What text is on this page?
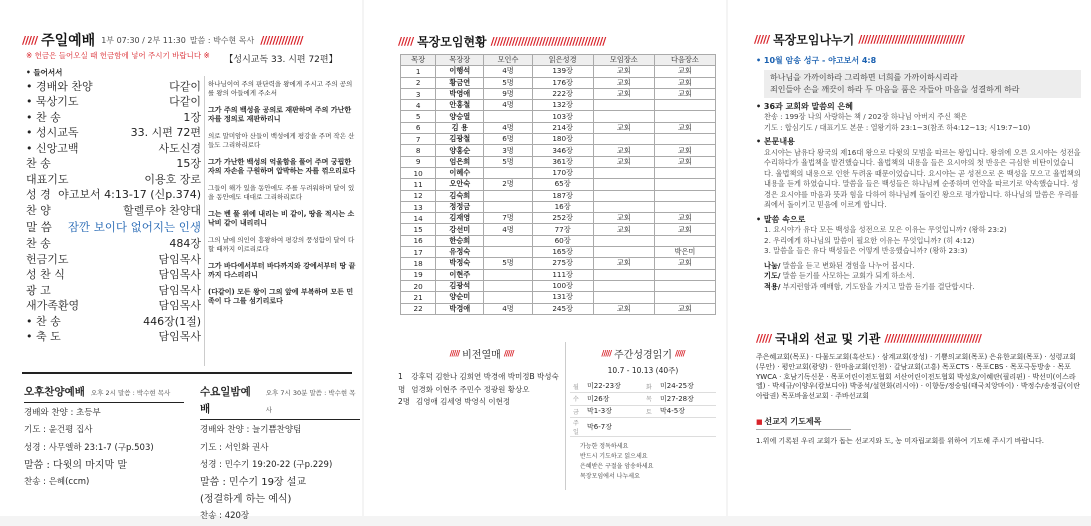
///// 주일예배 1부 07:30 / 2부 11:30 말씀 : 박수현 목사 //////////////
※ 헌금은 들어오실 때 헌금함에 넣어 주시기 바랍니다 ※
• 들어서서
• 경배와 찬양	다같이
• 묵상기도	다같이
• 찬 송	1장
• 성시교독	33. 시편 72편
• 신앙고백	사도신경
찬 송	15장
대표기도	이용호 장로
성 경 야고보서 4:13-17 (신p.374)
찬 양	할렐루야 찬양대
말 씀 잠깐 보이다 없어지는 인생
찬 송	484장
헌금기도	담임목사
성 찬 식	담임목사
광 고	담임목사
새가족환영	담임목사
• 찬 송	446장(1절)
• 축 도	담임목사
【성시교독 33. 시편 72편】

하나님이여 주의 판단력을 왕에게 주시고 주의 공의를 왕의 아들에게 주소서

그가 주의 백성을 공의로 재판하며 주의 가난한 자를 정의로 재판하리니

의로 말미암아 산들이 백성에게 평강을 주며 작은 산들도 그리하리로다

그가 가난한 백성의 억울함을 풀어 주며 궁핍한 자의 자손을 구원하며 압박하는 자를 꺾으리로다

그들이 해가 있을 동안에도 주를 두려워하며 달이 있을 동안에도 대대로 그리하리로다

그는 벤 풀 위에 내리는 비 같이, 땅을 적시는 소낙비 같이 내리리니

그의 날에 의인이 흥왕하여 평강의 풍성함이 달이 다할 때까지 이르리로다

그가 바다에서부터 바다까지와 강에서부터 땅 끝까지 다스리리니

(다같이) 모든 왕이 그의 앞에 부복하며 모든 민족이 다 그를 섬기리로다

오후찬양예배 오후 2시 말씀 : 박수현 목사
경배와 찬양 : 초등부
기도 : 윤건평 집사
성경 : 사무엘하 23:1-7 (구p.503)
말씀 : 다윗의 마지막 말
찬송 : 은혜(ccm)
수요일밤예배
오후 7시 30분 말씀 : 박수현 목사
경배와 찬양 : 늘기쁨찬양팀
기도 : 서인화 권사
성경 : 민수기 19:20-22 (구p.229)
말씀 : 민수기 19장 설교
(정결하게 하는 예식)
찬송 : 420장
///// 목장모임현황 //////////////////////////////////////
목장	목장장	모인수	읽은성경	모임장소	다음장소
1	이행석	4명	139장	교회	교회
2	황금연	5명	176장	교회	교회
3	박영애	9명	222장	교회	교회
4	안홍철	4명	132장		
5	양승열		103장		
6	김 용	4명	214장	교회	교회
7	김광철	6명	180장		
8	양홍순	3명	346장	교회	교회
9	엄은희	5명	361장	교회	교회
10	이혜수		170장		
11	오안숙	2명	65장		
12	김숙희		187장		
13	정정금		16장		
14	김재영	7명	252장	교회	교회
15	강선미	4명	77장	교회	교회
16	한승희		60장		
17	유정숙		165장		박은미
18	박정숙	5명	275장	교회	교회
19	이현주		111장		
20	김광석		100장		
21	양순미		131장		
22	박경애	4명	245장	교회	교회
///// 비전열매 /////
1명
강후덕 김한나 김희연 박경애 박미정B 박성숙 엄경화 이현주 주민수 정광원 황상오
2명 김영애 김세영 박영식 이현정
///// 주간성경읽기 /////
10.7 - 10.13 (40주)
월	미22-23장	화	미24-25장
수	미26장	목	미27-28장
금	막1-3장	토	막4-5장
주일	막6-7장		
가능한 정독하세요
반드시 기도하고 읽으세요
은혜받은 구절을 암송하세요
목장모임에서 나누세요
///// 목장모임나누기 ///////////////////////////////////
• 10월 암송 성구 - 야고보서 4:8
하나님을 가까이하라 그리하면 너희를 가까이하시리라
죄인들아 손을 깨끗이 하라 두 마음을 품은 자들아 마음을 성결하게 하라
• 36과 교회와 말씀의 은혜
찬송 : 199장 나의 사랑하는 책 / 202장 하나님 아버지 주신 책은
기도 : 합심기도 / 대표기도 본문 : 열왕기하 23:1~3(참조 하4:12~13; 시19:7~10)
• 본문내용
요시야는 남유다 왕국의 제16대 왕으로 다윗의 모범을 따르는 왕입니다. 왕위에 오른 요시야는 성전을 수리하다가 율법책을 발견했습니다. 율법책의 내용을 들은 요시야의 첫 반응은 극심한 비탄이었습니다. 율법책의 내용으로 인한 두려움 때문이었습니다. 요시야는 곧 성전으로 온 백성을 모으고 율법책의 내용을 듣게 하였습니다. 말씀을 들은 백성들은 하나님께 순종하며 언약을 따르기로 약속했습니다. 성경은 요시야를 마음과 뜻과 힘을 다하여 하나님께 돌이킨 왕으로 평가합니다. 하나님의 말씀은 우리를 죄에서 돌이키고 믿음에 이르게 합니다.
• 말씀 속으로
1. 요시야가 유다 모든 백성을 성전으로 모은 이유는 무엇입니까? (왕하 23:2)
2. 우리에게 하나님의 말씀이 필요한 이유는 무엇입니까? (히 4:12)
3. 말씀을 들은 유다 백성들은 어떻게 반응했습니까? (왕하 23:3)
나눔/ 말씀을 듣고 변화된 경험을 나누어 봅시다.
기도/ 말씀 듣기를 사모하는 교회가 되게 하소서.
적용/ 부지런함과 예배함, 기도함을 가지고 말씀 듣기를 결단합시다.
///// 국내외 선교 및 기관 ////////////////////////////////
주은혜교회(목포) · 다물도교회(흑산도) · 삼계교회(장성) · 기쁨의교회(목포) 은유한교회(목포) · 성령교회(무안) · 평안교회(광양) · 한마음교회(인천) · 갈남교회(고흥) 목포CTS · 목포CBS · 목포극동방송 · 목포YWCA · 호남기독신문 · 목포어린이전도협회 서산어린이전도협회 박성호/이혜란(필리핀) · 박선미(이스라엘) · 박세규/이양우(캄보디아) 박종석/설현화(러시아) · 이향동/정승임(태국치앙마이) · 박정수/송정금(이란아랍권) 목포바울선교회 · 주바선교회
■ 선교지 기도제목
1.위에 기록된 우리 교회가 돕는 선교지와 도, 농 미자립교회를 위하여 기도해 주시기 바랍니다.
